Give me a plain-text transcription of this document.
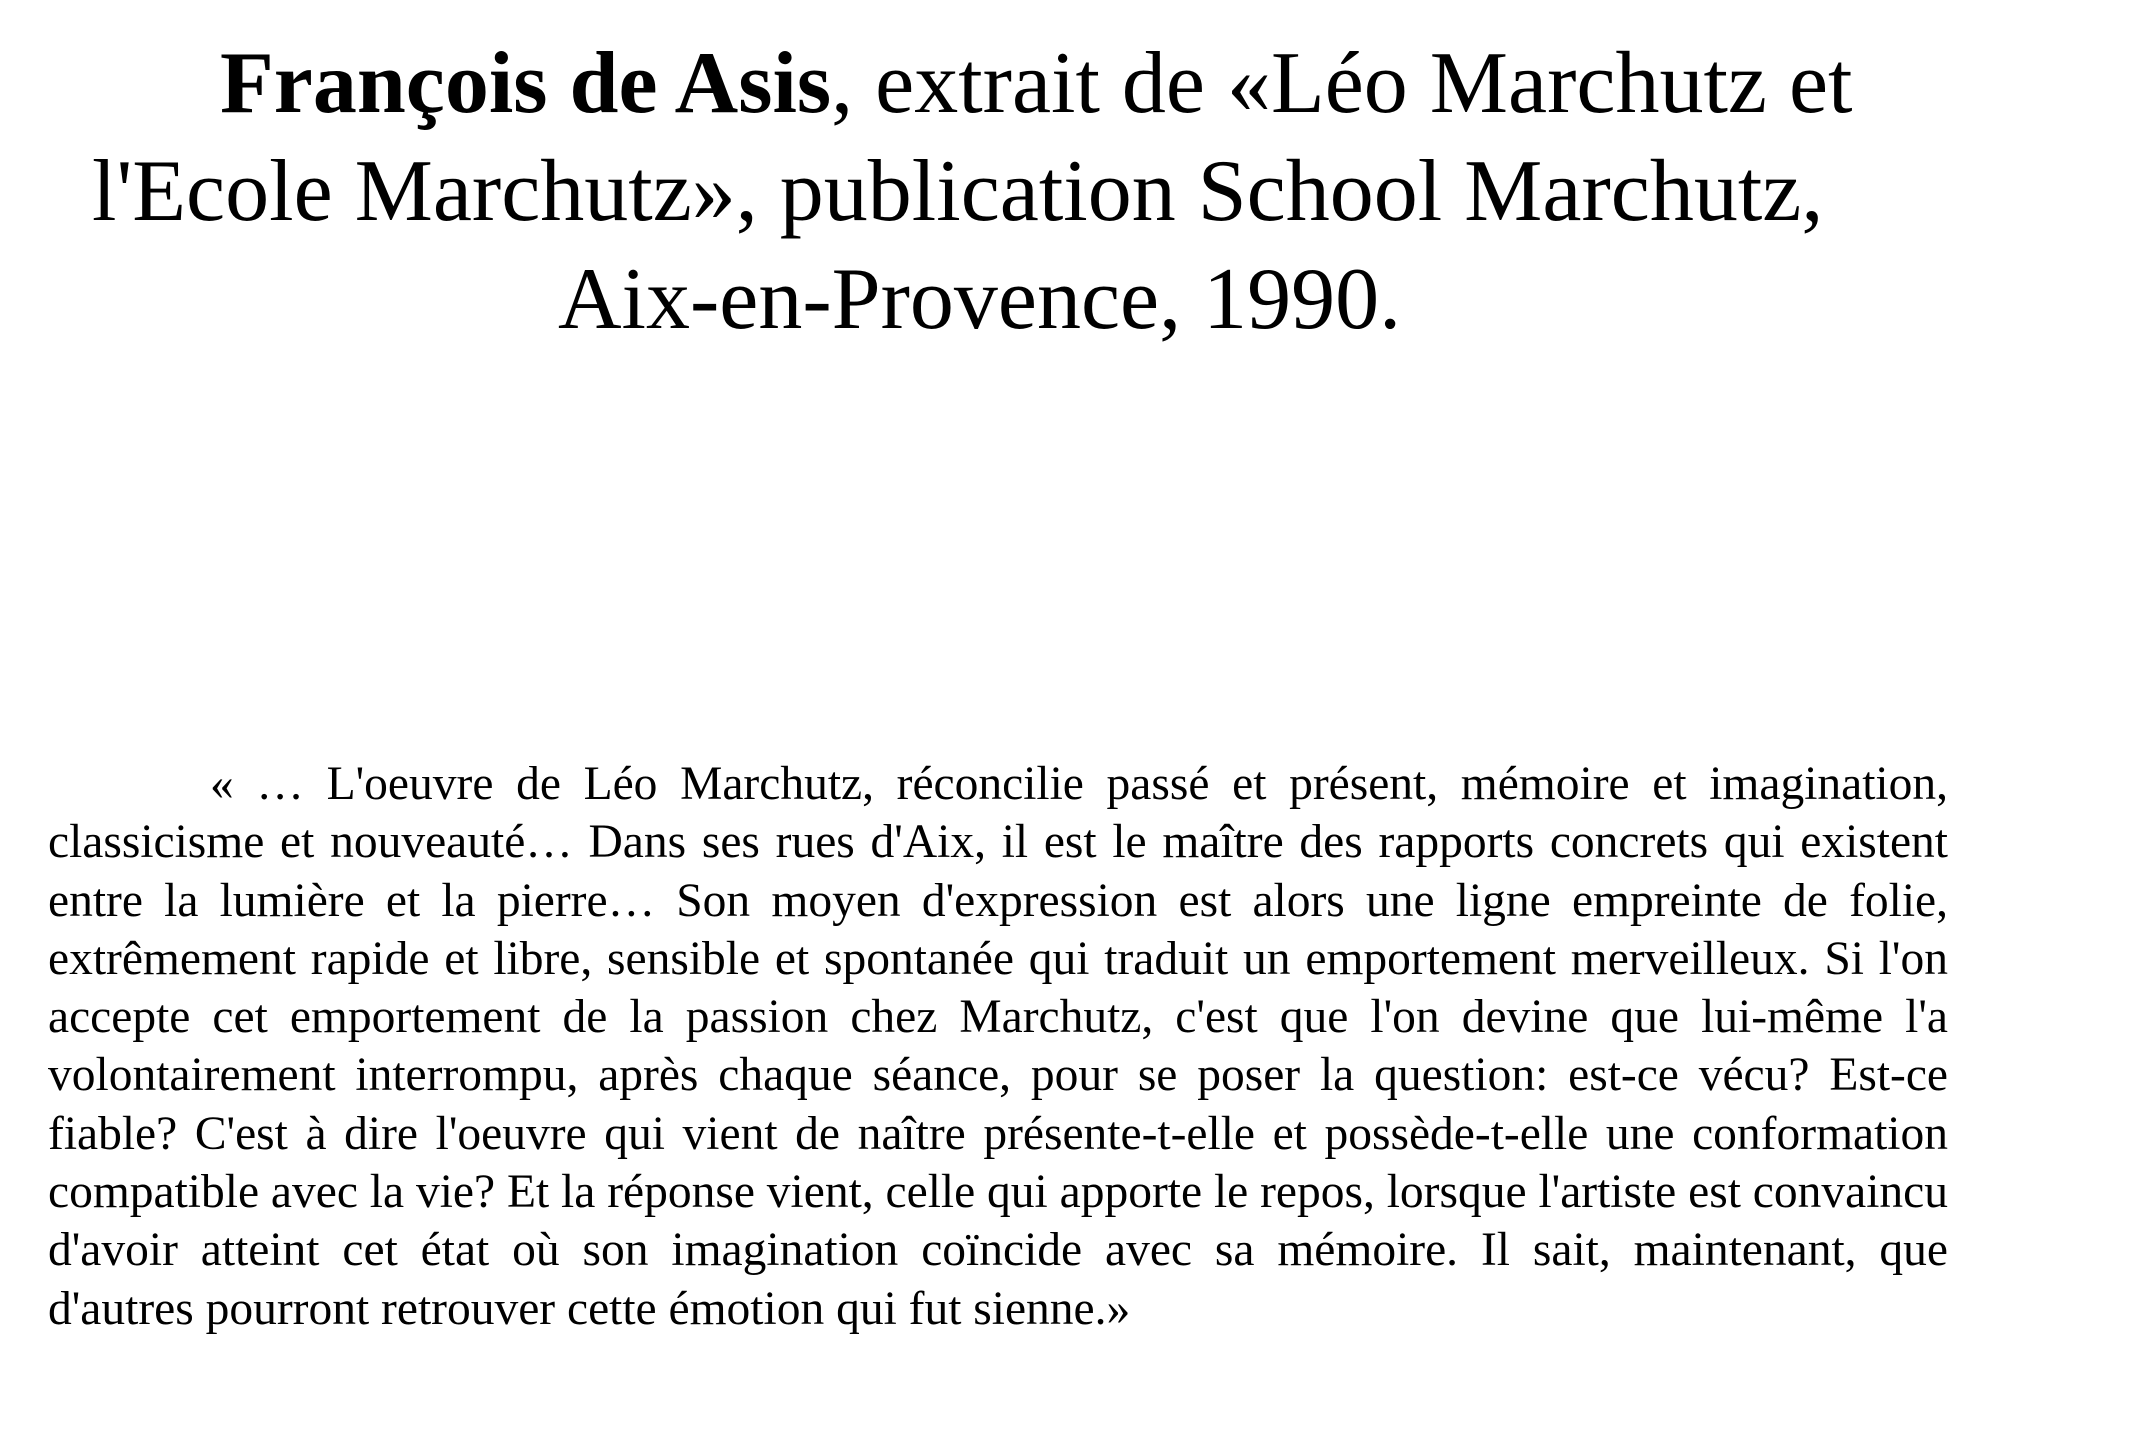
François de Asis, extrait de «Léo Marchutz et
l'Ecole Marchutz», publication School Marchutz,
Aix-en-Provence, 1990.

« … L'oeuvre de Léo Marchutz, réconcilie passé et présent, mémoire et imagination, classicisme et nouveauté… Dans ses rues d'Aix, il est le maître des rapports concrets qui existent entre la lumière et la pierre… Son moyen d'expression est alors une ligne empreinte de folie, extrêmement rapide et libre, sensible et spontanée qui traduit un emportement merveilleux. Si l'on accepte cet emportement de la passion chez Marchutz, c'est que l'on devine que lui-même l'a volontairement interrompu, après chaque séance, pour se poser la question: est-ce vécu? Est-ce fiable? C'est à dire l'oeuvre qui vient de naître présente-t-elle et possède-t-elle une conformation compatible avec la vie? Et la réponse vient, celle qui apporte le repos, lorsque l'artiste est convaincu d'avoir atteint cet état où son imagination coïncide avec sa mémoire. Il sait, maintenant, que d'autres pourront retrouver cette émotion qui fut sienne.»
